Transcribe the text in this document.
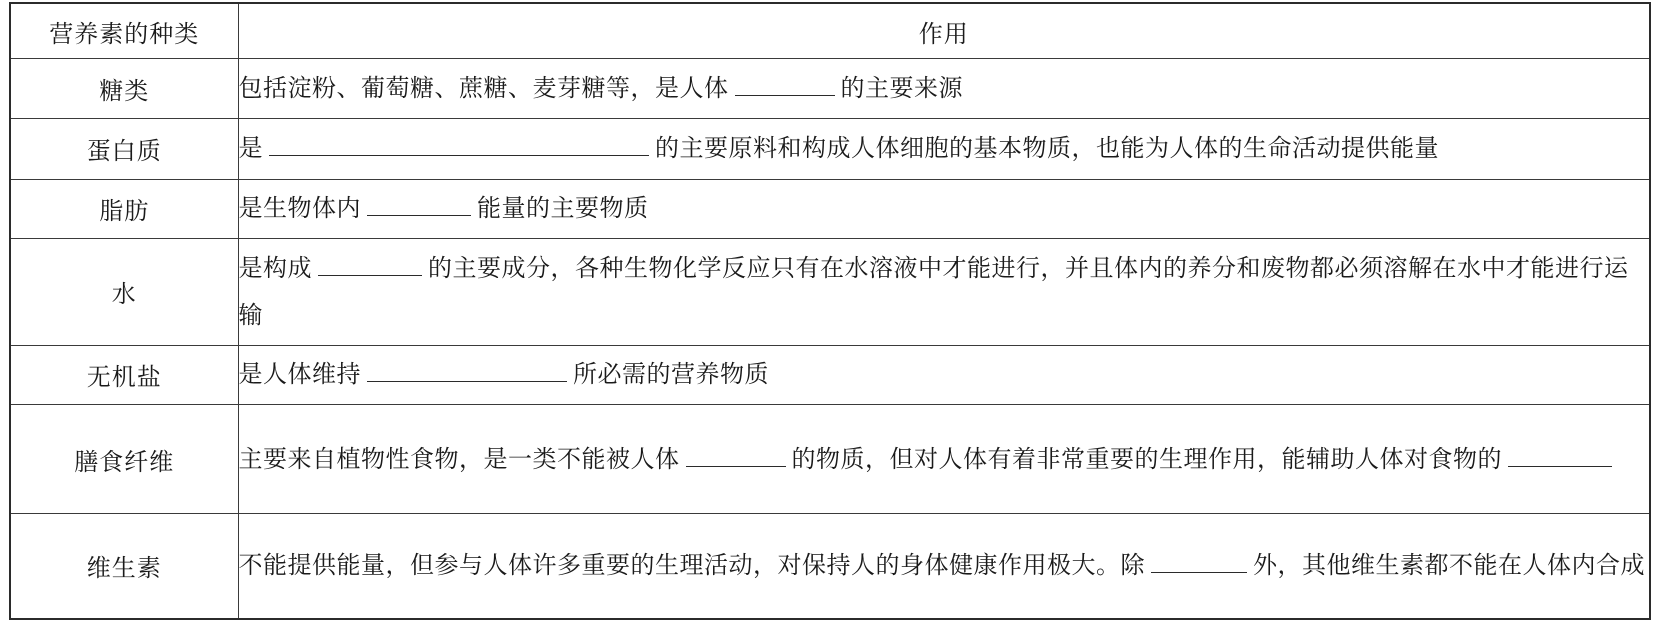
营养素的种类	作用
糖类	包括淀粉、葡萄糖、蔗糖、麦芽糖等，是人体 的主要来源
蛋白质	是 的主要原料和构成人体细胞的基本物质，也能为人体的生命活动提供能量
脂肪	是生物体内 能量的主要物质
水	是构成 的主要成分，各种生物化学反应只有在水溶液中才能进行，并且体内的养分和废物都必须溶解在水中才能进行运输
无机盐	是人体维持 所必需的营养物质
膳食纤维	主要来自植物性食物，是一类不能被人体 的物质，但对人体有着非常重要的生理作用，能辅助人体对食物的
维生素	不能提供能量，但参与人体许多重要的生理活动，对保持人的身体健康作用极大。除 外，其他维生素都不能在人体内合成
